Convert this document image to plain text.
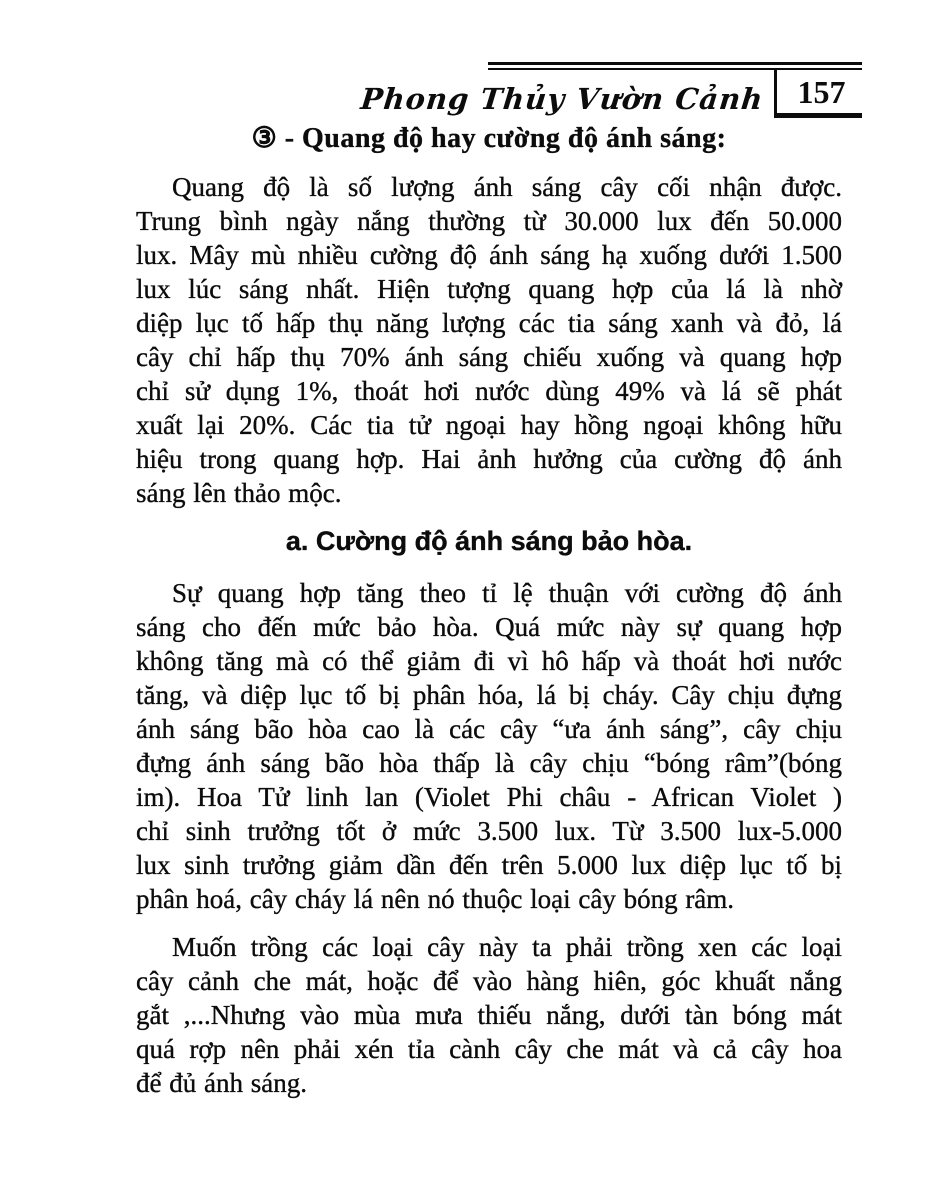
Phong Thủy Vườn Cảnh 157
③ - Quang độ hay cường độ ánh sáng:
Quang độ là số lượng ánh sáng cây cối nhận được.
Trung bình ngày nắng thường từ 30.000 lux đến 50.000
lux. Mây mù nhiều cường độ ánh sáng hạ xuống dưới 1.500
lux lúc sáng nhất. Hiện tượng quang hợp của lá là nhờ
diệp lục tố hấp thụ năng lượng các tia sáng xanh và đỏ, lá
cây chỉ hấp thụ 70% ánh sáng chiếu xuống và quang hợp
chỉ sử dụng 1%, thoát hơi nước dùng 49% và lá sẽ phát
xuất lại 20%. Các tia tử ngoại hay hồng ngoại không hữu
hiệu trong quang hợp. Hai ảnh hưởng của cường độ ánh
sáng lên thảo mộc.
a. Cường độ ánh sáng bảo hòa.
Sự quang hợp tăng theo tỉ lệ thuận với cường độ ánh
sáng cho đến mức bảo hòa. Quá mức này sự quang hợp
không tăng mà có thể giảm đi vì hô hấp và thoát hơi nước
tăng, và diệp lục tố bị phân hóa, lá bị cháy. Cây chịu đựng
ánh sáng bão hòa cao là các cây “ưa ánh sáng”, cây chịu
đựng ánh sáng bão hòa thấp là cây chịu “bóng râm”(bóng
im). Hoa Tử linh lan (Violet Phi châu - African Violet )
chỉ sinh trưởng tốt ở mức 3.500 lux. Từ 3.500 lux-5.000
lux sinh trưởng giảm dần đến trên 5.000 lux diệp lục tố bị
phân hoá, cây cháy lá nên nó thuộc loại cây bóng râm.
Muốn trồng các loại cây này ta phải trồng xen các loại
cây cảnh che mát, hoặc để vào hàng hiên, góc khuất nắng
gắt ,...Nhưng vào mùa mưa thiếu nắng, dưới tàn bóng mát
quá rợp nên phải xén tỉa cành cây che mát và cả cây hoa
để đủ ánh sáng.
